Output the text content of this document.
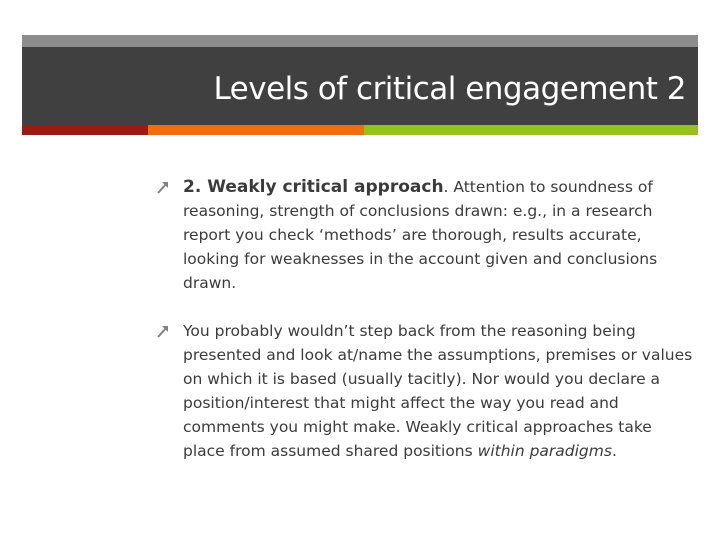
Levels of critical engagement 2
2. Weakly critical approach. Attention to soundness of reasoning, strength of conclusions drawn: e.g., in a research report you check ‘methods’ are thorough, results accurate, looking for weaknesses in the account given and conclusions drawn.
You probably wouldn’t step back from the reasoning being presented and look at/name the assumptions, premises or values on which it is based (usually tacitly). Nor would you declare a position/interest that might affect the way you read and comments you might make. Weakly critical approaches take place from assumed shared positions within paradigms.
